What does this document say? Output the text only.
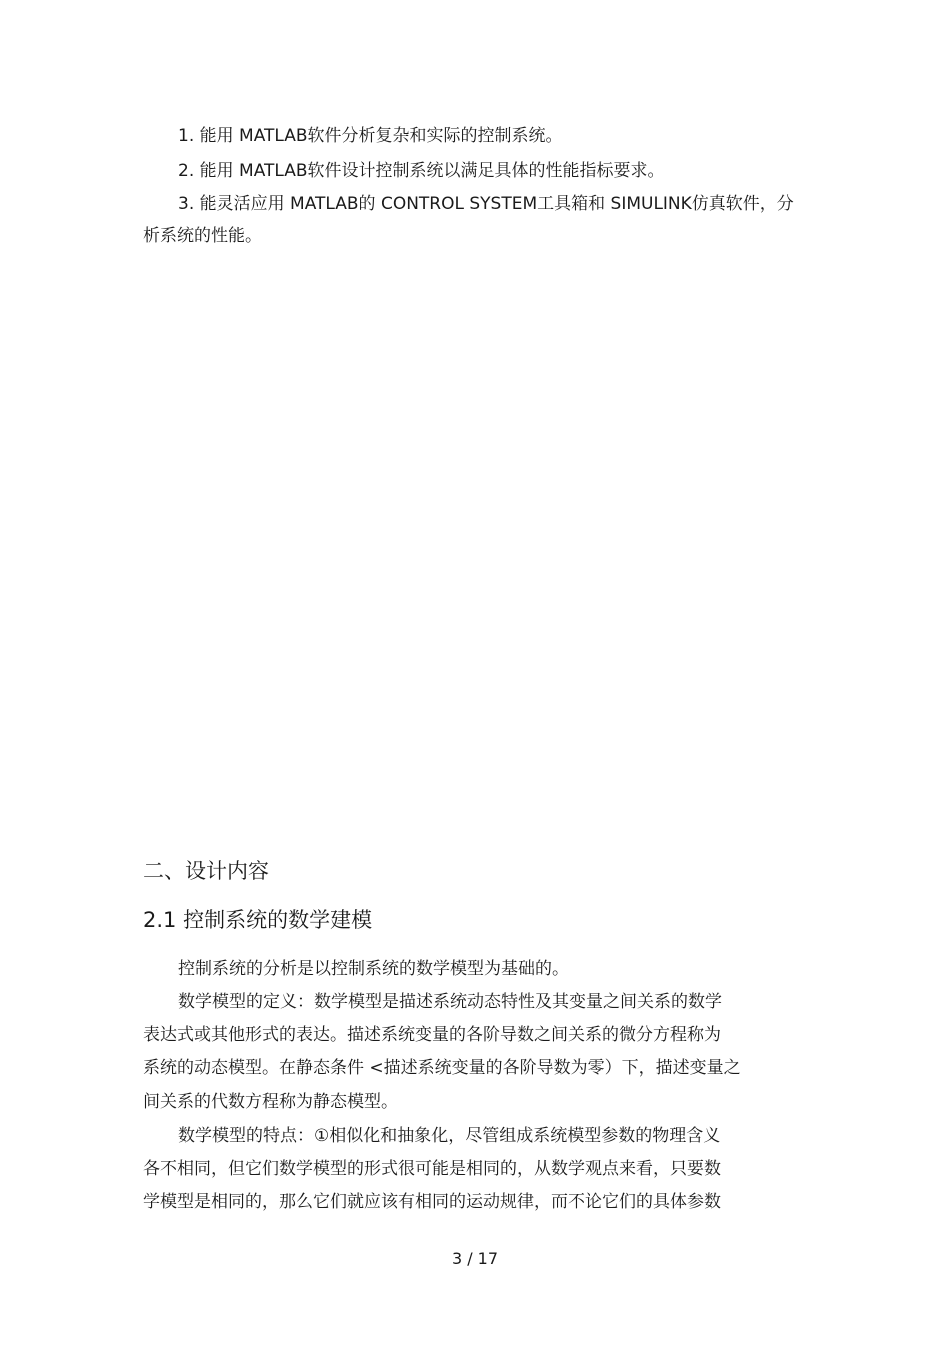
1. 能用 MATLAB软件分析复杂和实际的控制系统。
2. 能用 MATLAB软件设计控制系统以满足具体的性能指标要求。
3. 能灵活应用 MATLAB的 CONTROL SYSTEM工具箱和 SIMULINK仿真软件，分
析系统的性能。
二、设计内容
2.1 控制系统的数学建模
控制系统的分析是以控制系统的数学模型为基础的。
数学模型的定义：数学模型是描述系统动态特性及其变量之间关系的数学
表达式或其他形式的表达。描述系统变量的各阶导数之间关系的微分方程称为
系统的动态模型。在静态条件 <描述系统变量的各阶导数为零）下，描述变量之
间关系的代数方程称为静态模型。
数学模型的特点：①相似化和抽象化，尽管组成系统模型参数的物理含义
各不相同，但它们数学模型的形式很可能是相同的，从数学观点来看，只要数
学模型是相同的，那么它们就应该有相同的运动规律，而不论它们的具体参数
3 / 17
